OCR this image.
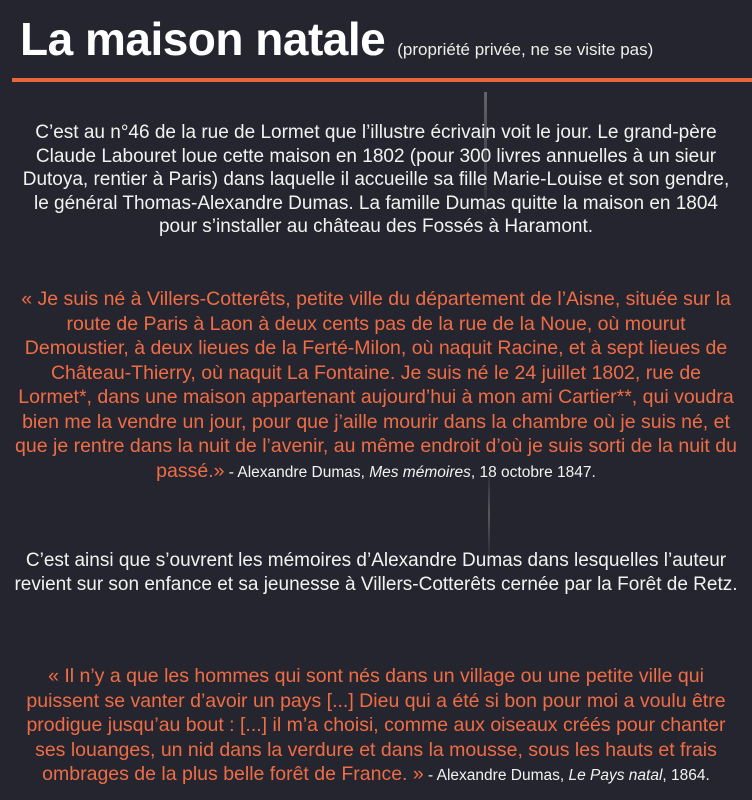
La maison natale (propriété privée, ne se visite pas)

C’est au n°46 de la rue de Lormet que l’illustre écrivain voit le jour. Le grand-père Claude Labouret loue cette maison en 1802 (pour 300 livres annuelles à un sieur Dutoya, rentier à Paris) dans laquelle il accueille sa fille Marie-Louise et son gendre, le général Thomas-Alexandre Dumas. La famille Dumas quitte la maison en 1804 pour s’installer au château des Fossés à Haramont.

« Je suis né à Villers-Cotterêts, petite ville du département de l’Aisne, située sur la route de Paris à Laon à deux cents pas de la rue de la Noue, où mourut Demoustier, à deux lieues de la Ferté-Milon, où naquit Racine, et à sept lieues de Château-Thierry, où naquit La Fontaine. Je suis né le 24 juillet 1802, rue de Lormet*, dans une maison appartenant aujourd’hui à mon ami Cartier**, qui voudra bien me la vendre un jour, pour que j’aille mourir dans la chambre où je suis né, et que je rentre dans la nuit de l’avenir, au même endroit d’où je suis sorti de la nuit du passé.» - Alexandre Dumas, Mes mémoires, 18 octobre 1847.

C’est ainsi que s’ouvrent les mémoires d’Alexandre Dumas dans lesquelles l’auteur revient sur son enfance et sa jeunesse à Villers-Cotterêts cernée par la Forêt de Retz.

« Il n’y a que les hommes qui sont nés dans un village ou une petite ville qui puissent se vanter d’avoir un pays [...] Dieu qui a été si bon pour moi a voulu être prodigue jusqu’au bout : [...] il m’a choisi, comme aux oiseaux créés pour chanter ses louanges, un nid dans la verdure et dans la mousse, sous les hauts et frais ombrages de la plus belle forêt de France. » - Alexandre Dumas, Le Pays natal, 1864.
